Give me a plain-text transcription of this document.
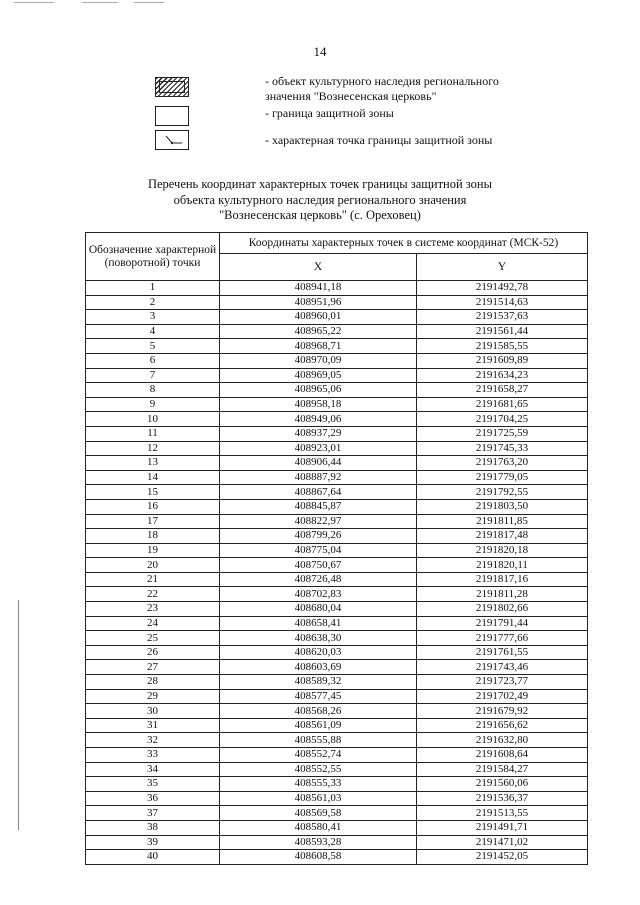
14
- объект культурного наследия регионального
значения "Вознесенская церковь"
- граница защитной зоны
- характерная точка границы защитной зоны
Перечень координат характерных точек границы защитной зоны
объекта культурного наследия регионального значения
"Вознесенская церковь" (с. Ореховец)
Обозначение характерной (поворотной) точки	Координаты характерных точек в системе координат (МСК-52)	
	X	Y
1	408941,18	2191492,78
2	408951,96	2191514,63
3	408960,01	2191537,63
4	408965,22	2191561,44
5	408968,71	2191585,55
6	408970,09	2191609,89
7	408969,05	2191634,23
8	408965,06	2191658,27
9	408958,18	2191681,65
10	408949,06	2191704,25
11	408937,29	2191725,59
12	408923,01	2191745,33
13	408906,44	2191763,20
14	408887,92	2191779,05
15	408867,64	2191792,55
16	408845,87	2191803,50
17	408822,97	2191811,85
18	408799,26	2191817,48
19	408775,04	2191820,18
20	408750,67	2191820,11
21	408726,48	2191817,16
22	408702,83	2191811,28
23	408680,04	2191802,66
24	408658,41	2191791,44
25	408638,30	2191777,66
26	408620,03	2191761,55
27	408603,69	2191743,46
28	408589,32	2191723,77
29	408577,45	2191702,49
30	408568,26	2191679,92
31	408561,09	2191656,62
32	408555,88	2191632,80
33	408552,74	2191608,64
34	408552,55	2191584,27
35	408555,33	2191560,06
36	408561,03	2191536,37
37	408569,58	2191513,55
38	408580,41	2191491,71
39	408593,28	2191471,02
40	408608,58	2191452,05
